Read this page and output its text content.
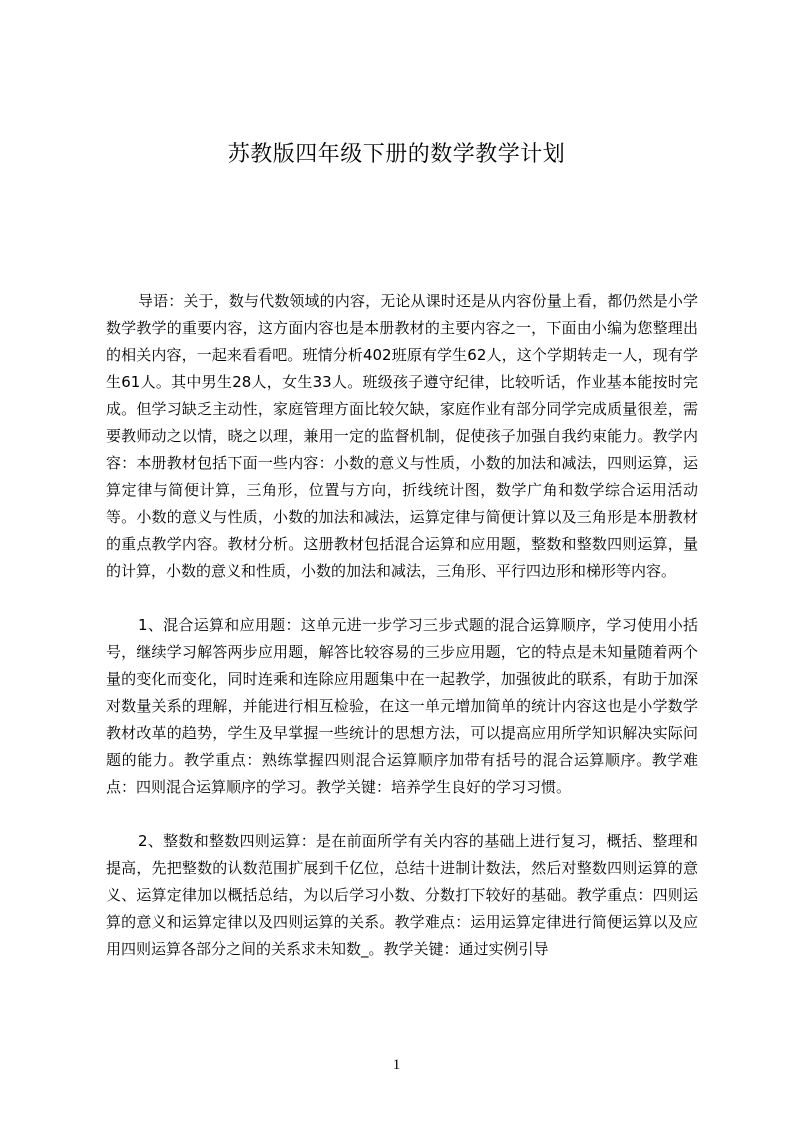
苏教版四年级下册的数学教学计划

导语：关于，数与代数领域的内容，无论从课时还是从内容份量上看，都仍然是小学数学教学的重要内容，这方面内容也是本册教材的主要内容之一，下面由小编为您整理出的相关内容，一起来看看吧。班情分析402班原有学生62人，这个学期转走一人，现有学生61人。其中男生28人，女生33人。班级孩子遵守纪律，比较听话，作业基本能按时完成。但学习缺乏主动性，家庭管理方面比较欠缺，家庭作业有部分同学完成质量很差，需要教师动之以情，晓之以理，兼用一定的监督机制，促使孩子加强自我约束能力。教学内容：本册教材包括下面一些内容：小数的意义与性质，小数的加法和减法，四则运算，运算定律与简便计算，三角形，位置与方向，折线统计图，数学广角和数学综合运用活动等。小数的意义与性质，小数的加法和减法，运算定律与简便计算以及三角形是本册教材的重点教学内容。教材分析。这册教材包括混合运算和应用题，整数和整数四则运算，量的计算，小数的意义和性质，小数的加法和减法，三角形、平行四边形和梯形等内容。

1、混合运算和应用题：这单元进一步学习三步式题的混合运算顺序，学习使用小括号，继续学习解答两步应用题，解答比较容易的三步应用题，它的特点是未知量随着两个量的变化而变化，同时连乘和连除应用题集中在一起教学，加强彼此的联系，有助于加深对数量关系的理解，并能进行相互检验，在这一单元增加简单的统计内容这也是小学数学教材改革的趋势，学生及早掌握一些统计的思想方法，可以提高应用所学知识解决实际问题的能力。教学重点：熟练掌握四则混合运算顺序加带有括号的混合运算顺序。教学难点：四则混合运算顺序的学习。教学关键：培养学生良好的学习习惯。

2、整数和整数四则运算：是在前面所学有关内容的基础上进行复习，概括、整理和提高，先把整数的认数范围扩展到千亿位，总结十进制计数法，然后对整数四则运算的意义、运算定律加以概括总结，为以后学习小数、分数打下较好的基础。教学重点：四则运算的意义和运算定律以及四则运算的关系。教学难点：运用运算定律进行简便运算以及应用四则运算各部分之间的关系求未知数_。教学关键：通过实例引导

1
